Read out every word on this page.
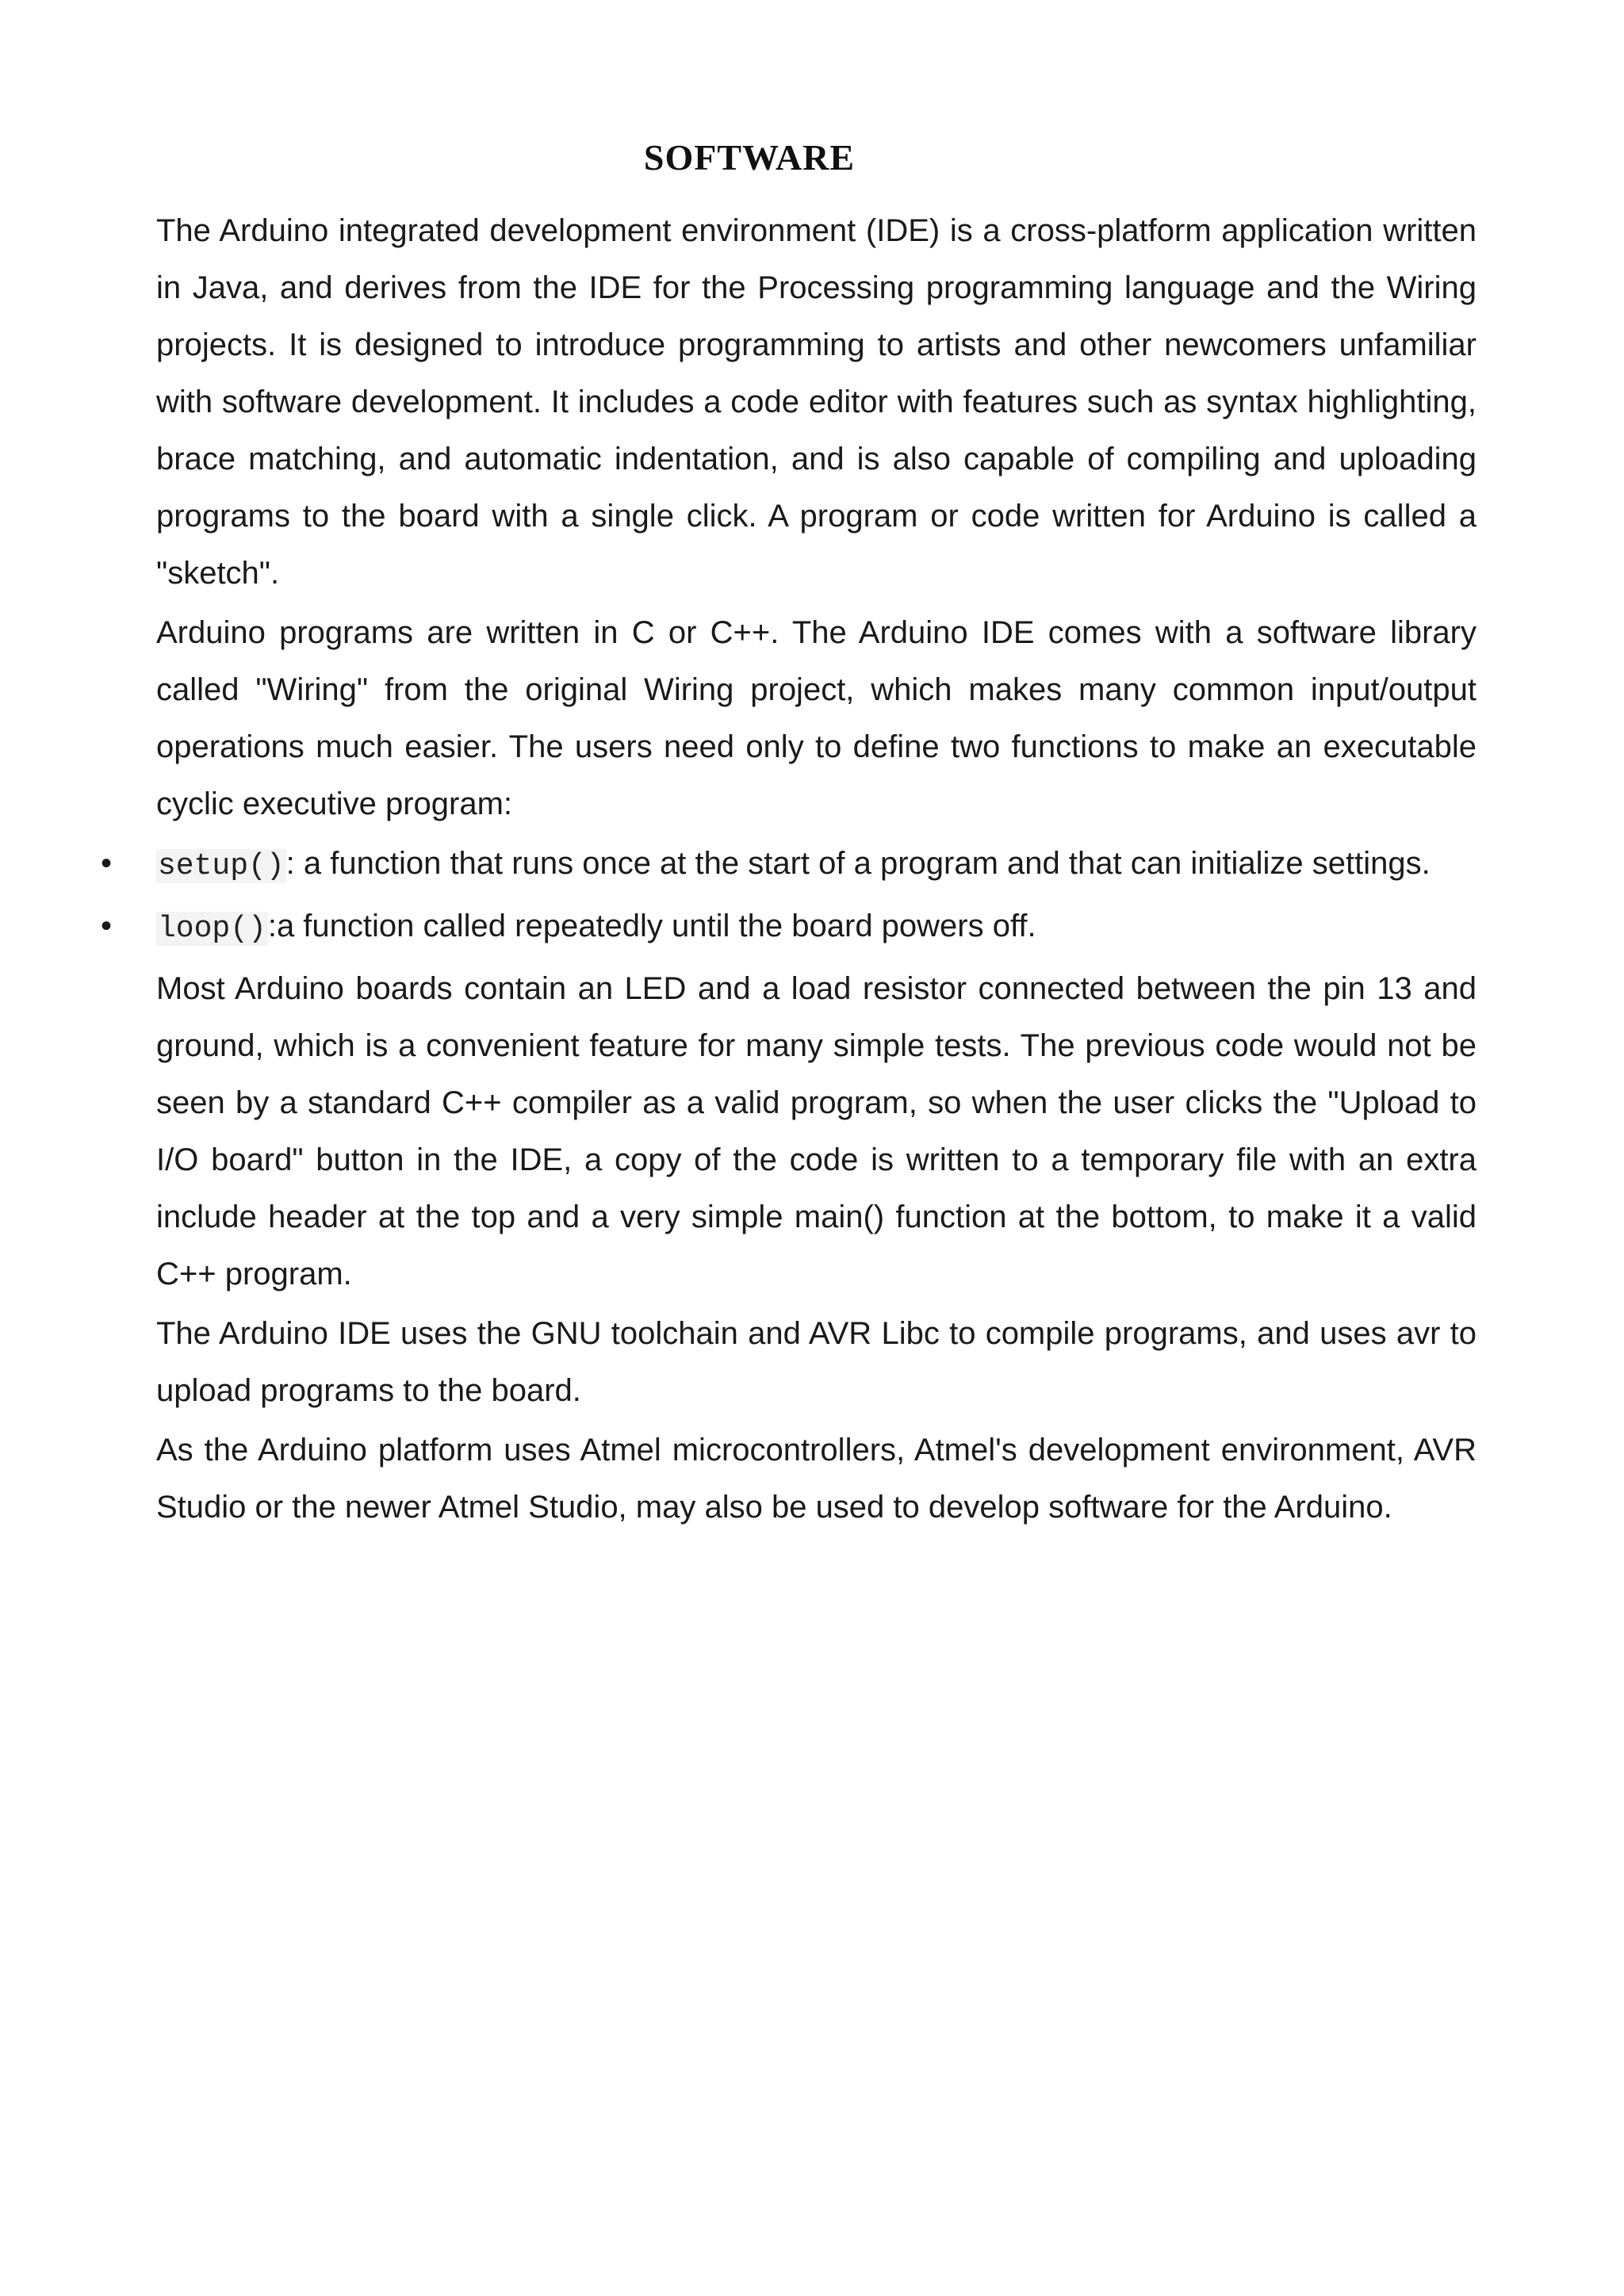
SOFTWARE

The Arduino integrated development environment (IDE) is a cross-platform application written in Java, and derives from the IDE for the Processing programming language and the Wiring projects. It is designed to introduce programming to artists and other newcomers unfamiliar with software development. It includes a code editor with features such as syntax highlighting, brace matching, and automatic indentation, and is also capable of compiling and uploading programs to the board with a single click. A program or code written for Arduino is called a "sketch".

Arduino programs are written in C or C++. The Arduino IDE comes with a software library called "Wiring" from the original Wiring project, which makes many common input/output operations much easier. The users need only to define two functions to make an executable cyclic executive program:

• setup(): a function that runs once at the start of a program and that can initialize settings.
• loop():a function called repeatedly until the board powers off.

Most Arduino boards contain an LED and a load resistor connected between the pin 13 and ground, which is a convenient feature for many simple tests. The previous code would not be seen by a standard C++ compiler as a valid program, so when the user clicks the "Upload to I/O board" button in the IDE, a copy of the code is written to a temporary file with an extra include header at the top and a very simple main() function at the bottom, to make it a valid C++ program.

The Arduino IDE uses the GNU toolchain and AVR Libc to compile programs, and uses avr to upload programs to the board.

As the Arduino platform uses Atmel microcontrollers, Atmel's development environment, AVR Studio or the newer Atmel Studio, may also be used to develop software for the Arduino.
